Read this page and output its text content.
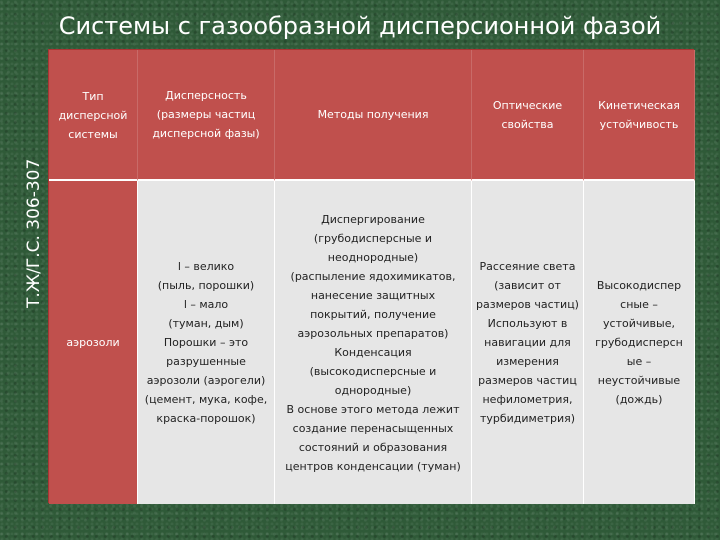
Системы с газообразной дисперсионной фазой
Т.Ж/Г.С. 306-307
Тип
дисперсной
системы
Дисперсность
(размеры частиц
дисперсной фазы)
Методы получения
Оптические
свойства
Кинетическая
устойчивость
аэрозоли
l – велико
(пыль, порошки)
l – мало
(туман, дым)
Порошки – это
разрушенные
аэрозоли (аэрогели)
(цемент, мука, кофе,
краска-порошок)
Диспергирование
(грубодисперсные и
неоднородные)
(распыление ядохимикатов,
нанесение защитных
покрытий, получение
аэрозольных препаратов)
Конденсация
(высокодисперсные и
однородные)
В основе этого метода лежит
создание перенасыщенных
состояний и образования
центров конденсации (туман)
Рассеяние света
(зависит от
размеров частиц)
Используют в
навигации для
измерения
размеров частиц
нефилометрия,
турбидиметрия)
Высокодиспер
сные –
устойчивые,
грубодисперсн
ые –
неустойчивые
(дождь)
